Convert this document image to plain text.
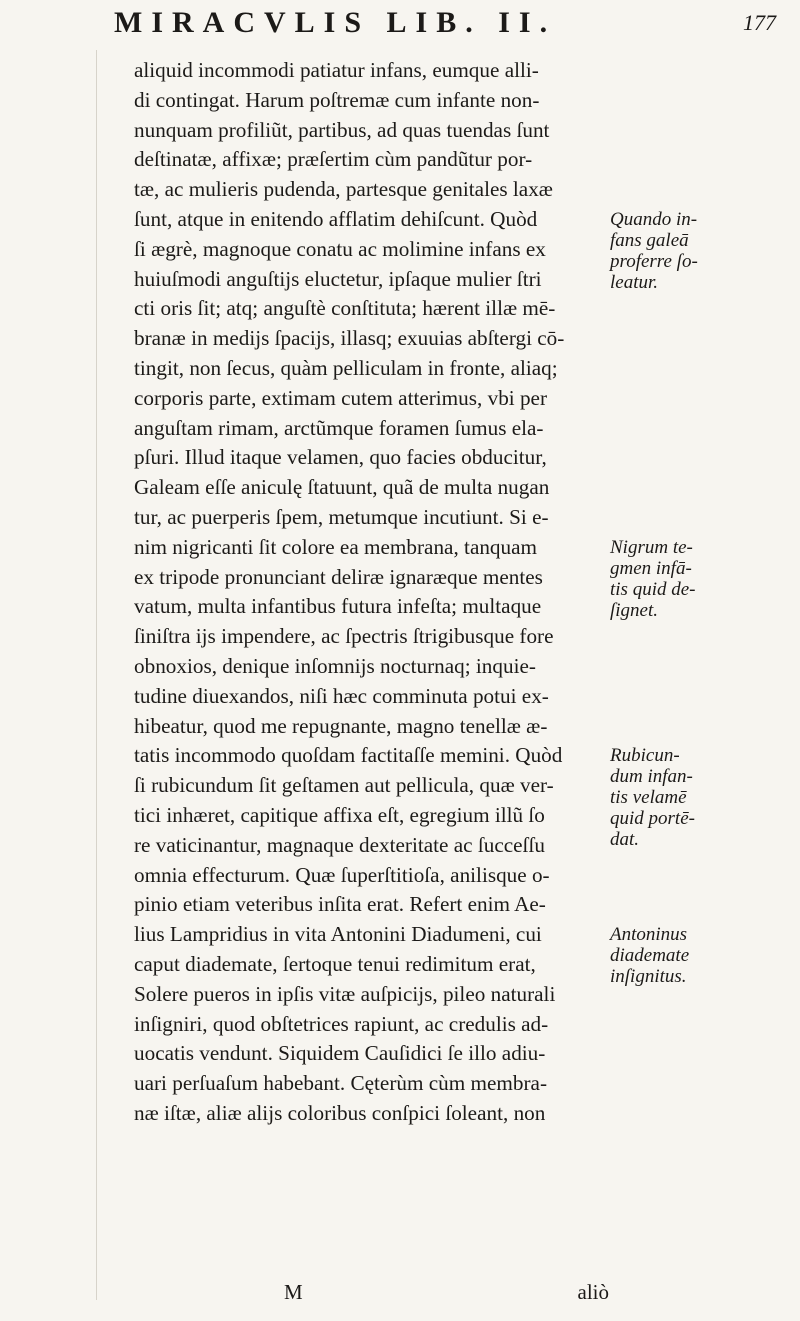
MIRACVLIS LIB. II.	177
aliquid incommodi patiatur infans, eumque alli-
di contingat. Harum poſtremæ cum infante non-
nunquam profiliũt, partibus, ad quas tuendas ſunt
deſtinatæ, affixæ; præſertim cùm pandũtur por-
tæ, ac mulieris pudenda, partesque genitales laxæ
ſunt, atque in enitendo afflatim dehiſcunt. Quòd
ſi ægrè, magnoque conatu ac molimine infans ex
huiuſmodi anguſtijs eluctetur, ipſaque mulier ſtri
cti oris ſit; atq; anguſtè conſtituta; hærent illæ mē-
branæ in medijs ſpacijs, illasq; exuuias abſtergi cō-
tingit, non ſecus, quàm pelliculam in fronte, aliaq;
corporis parte, extimam cutem atterimus, vbi per
anguſtam rimam, arctũmque foramen ſumus ela-
pſuri. Illud itaque velamen, quo facies obducitur,
Galeam eſſe aniculę ſtatuunt, quã de multa nugan
tur, ac puerperis ſpem, metumque incutiunt. Si e-
nim nigricanti ſit colore ea membrana, tanquam
ex tripode pronunciant deliræ ignaræque mentes
vatum, multa infantibus futura infeſta; multaque
ſiniſtra ijs impendere, ac ſpectris ſtrigibusque fore
obnoxios, denique inſomnijs nocturnaq; inquie-
tudine diuexandos, niſi hæc comminuta potui ex-
hibeatur, quod me repugnante, magno tenellæ æ-
tatis incommodo quoſdam factitaſſe memini. Quòd
ſi rubicundum ſit geſtamen aut pellicula, quæ ver-
tici inhæret, capitique affixa eſt, egregium illũ ſo
re vaticinantur, magnaque dexteritate ac ſucceſſu
omnia effecturum. Quæ ſuperſtitioſa, anilisque o-
pinio etiam veteribus inſita erat. Refert enim Ae-
lius Lampridius in vita Antonini Diadumeni, cui
caput diademate, ſertoque tenui redimitum erat,
Solere pueros in ipſis vitæ auſpicijs, pileo naturali
inſigniri, quod obſtetrices rapiunt, ac credulis ad-
uocatis vendunt. Siquidem Cauſidici ſe illo adiu-
uari perſuaſum habebant. Cęterùm cùm membra-
næ iſtæ, aliæ alijs coloribus conſpici ſoleant, non
Quando in-
fans galeā
proferre ſo-
leatur.
Nigrum te-
gmen infā-
tis quid de-
ſignet.
Rubicun-
dum infan-
tis velamē
quid portē-
dat.
Antoninus
diademate
inſignitus.
M	aliò
